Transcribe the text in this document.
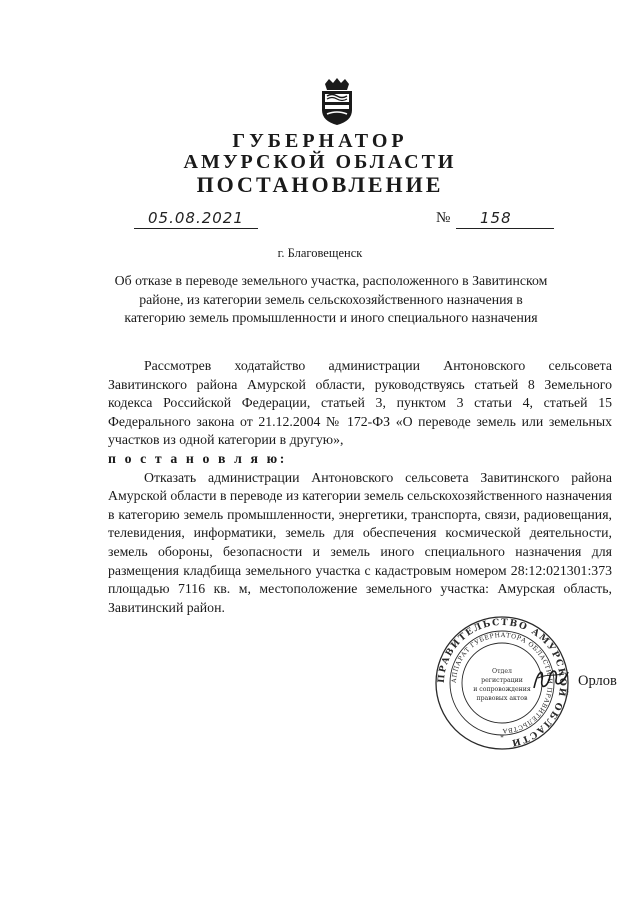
ГУБЕРНАТОР
АМУРСКОЙ ОБЛАСТИ
ПОСТАНОВЛЕНИЕ
05.08.2021	№ 158
г. Благовещенск
Об отказе в переводе земельного участка, расположенного в Завитинском районе, из категории земель сельскохозяйственного назначения в категорию земель промышленности и иного специального назначения

Рассмотрев ходатайство администрации Антоновского сельсовета Завитинского района Амурской области, руководствуясь статьей 8 Земельного кодекса Российской Федерации, статьей 3, пунктом 3 статьи 4, статьей 15 Федерального закона от 21.12.2004 № 172-ФЗ «О переводе земель или земельных участков из одной категории в другую»,

п о с т а н о в л я ю:

Отказать администрации Антоновского сельсовета Завитинского района Амурской области в переводе из категории земель сельскохозяйственного назначения в категорию земель промышленности, энергетики, транспорта, связи, радиовещания, телевидения, информатики, земель для обеспечения космической деятельности, земель обороны, безопасности и земель иного специального назначения для размещения кладбища земельного участка с кадастровым номером 28:12:021301:373 площадью 7116 кв. м, местоположение земельного участка: Амурская область, Завитинский район.

ПРАВИТЕЛЬСТВО АМУРСКОЙ ОБЛАСТИ
АППАРАТ ГУБЕРНАТОРА ОБЛАСТИ И ПРАВИТЕЛЬСТВА
Отдел
регистрации
и сопровождения
правовых актов
*
Орлов
